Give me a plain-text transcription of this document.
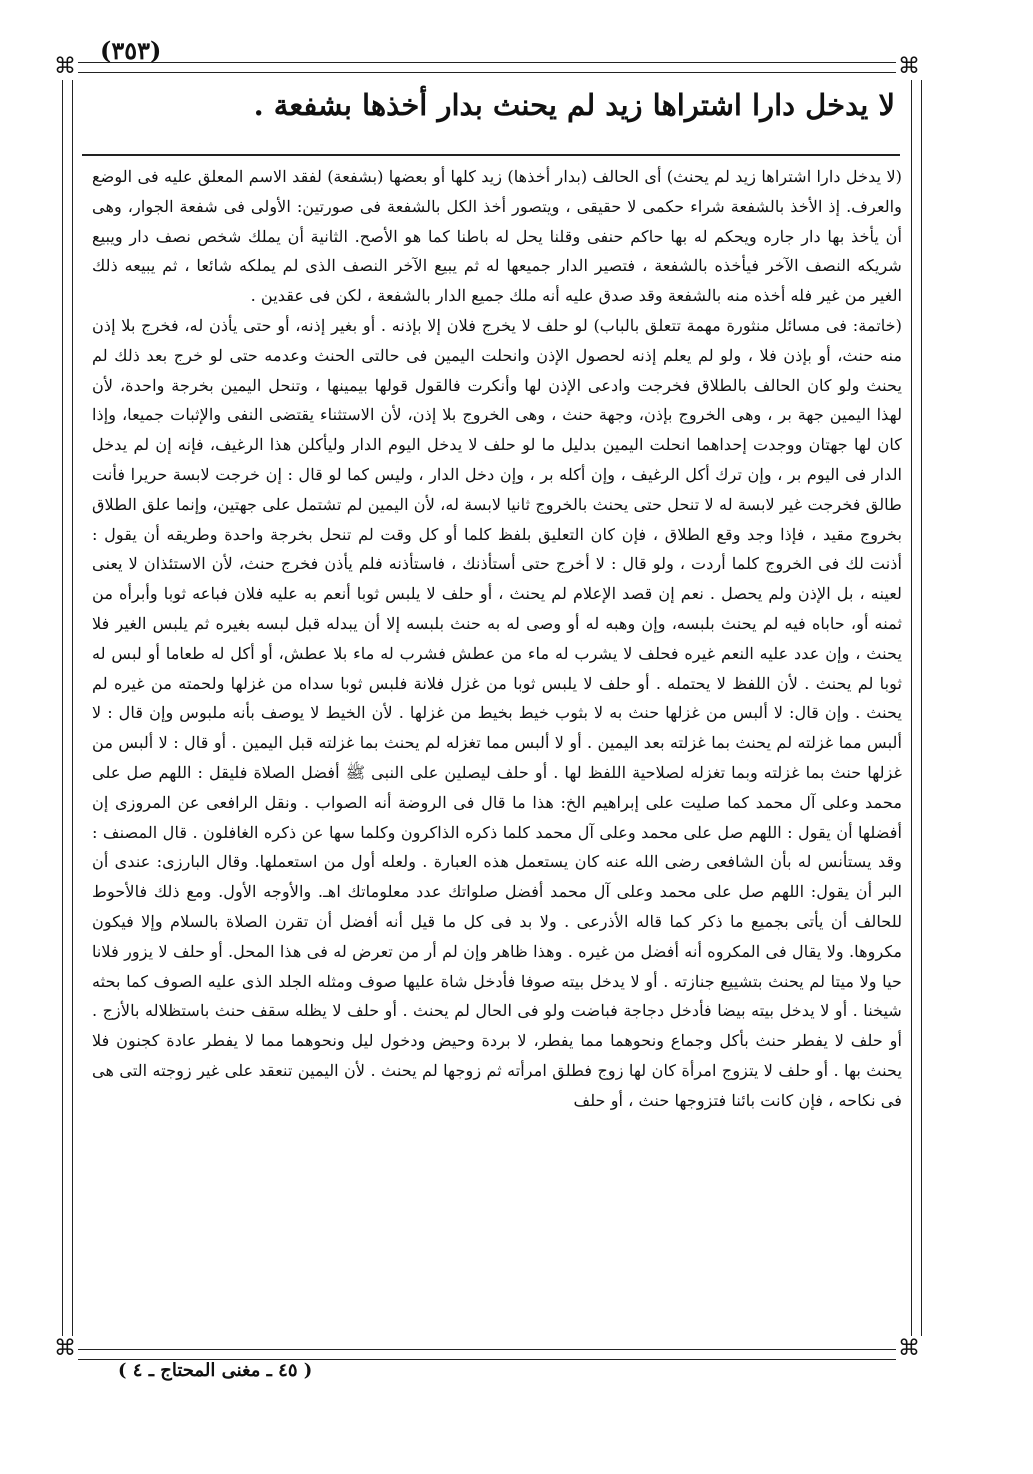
(٣٥٣)
⌘	⌘
⌘	⌘
لا يدخل دارا اشتراها زيد لم يحنث بدار أخذها بشفعة .

(لا يدخل دارا اشتراها زيد لم يحنث) أى الحالف (بدار أخذها) زيد كلها أو بعضها (بشفعة) لفقد الاسم المعلق عليه فى الوضع والعرف. إذ الأخذ بالشفعة شراء حكمى لا حقيقى ، ويتصور أخذ الكل بالشفعة فى صورتين: الأولى فى شفعة الجوار، وهى أن يأخذ بها دار جاره ويحكم له بها حاكم حنفى وقلنا يحل له باطنا كما هو الأصح. الثانية أن يملك شخص نصف دار ويبيع شريكه النصف الآخر فيأخذه بالشفعة ، فتصير الدار جميعها له ثم يبيع الآخر النصف الذى لم يملكه شائعا ، ثم يبيعه ذلك الغير من غير فله أخذه منه بالشفعة وقد صدق عليه أنه ملك جميع الدار بالشفعة ، لكن فى عقدين .

(خاتمة: فى مسائل منثورة مهمة تتعلق بالباب) لو حلف لا يخرج فلان إلا بإذنه . أو بغير إذنه، أو حتى يأذن له، فخرج بلا إذن منه حنث، أو بإذن فلا ، ولو لم يعلم إذنه لحصول الإذن وانحلت اليمين فى حالتى الحنث وعدمه حتى لو خرج بعد ذلك لم يحنث ولو كان الحالف بالطلاق فخرجت وادعى الإذن لها وأنكرت فالقول قولها بيمينها ، وتنحل اليمين بخرجة واحدة، لأن لهذا اليمين جهة بر ، وهى الخروج بإذن، وجهة حنث ، وهى الخروج بلا إذن، لأن الاستثناء يقتضى النفى والإثبات جميعا، وإذا كان لها جهتان ووجدت إحداهما انحلت اليمين بدليل ما لو حلف لا يدخل اليوم الدار وليأكلن هذا الرغيف، فإنه إن لم يدخل الدار فى اليوم بر ، وإن ترك أكل الرغيف ، وإن أكله بر ، وإن دخل الدار ، وليس كما لو قال : إن خرجت لابسة حريرا فأنت طالق فخرجت غير لابسة له لا تنحل حتى يحنث بالخروج ثانيا لابسة له، لأن اليمين لم تشتمل على جهتين، وإنما علق الطلاق بخروج مقيد ، فإذا وجد وقع الطلاق ، فإن كان التعليق بلفظ كلما أو كل وقت لم تنحل بخرجة واحدة وطريقه أن يقول : أذنت لك فى الخروج كلما أردت ، ولو قال : لا أخرج حتى أستأذنك ، فاستأذنه فلم يأذن فخرج حنث، لأن الاستئذان لا يعنى لعينه ، بل الإذن ولم يحصل . نعم إن قصد الإعلام لم يحنث ، أو حلف لا يلبس ثوبا أنعم به عليه فلان فباعه ثوبا وأبرأه من ثمنه أو، حاباه فيه لم يحنث بلبسه، وإن وهبه له أو وصى له به حنث بلبسه إلا أن يبدله قبل لبسه بغيره ثم يلبس الغير فلا يحنث ، وإن عدد عليه النعم غيره فحلف لا يشرب له ماء من عطش فشرب له ماء بلا عطش، أو أكل له طعاما أو لبس له ثوبا لم يحنث . لأن اللفظ لا يحتمله . أو حلف لا يلبس ثوبا من غزل فلانة فلبس ثوبا سداه من غزلها ولحمته من غيره لم يحنث . وإن قال: لا ألبس من غزلها حنث به لا بثوب خيط بخيط من غزلها . لأن الخيط لا يوصف بأنه ملبوس وإن قال : لا ألبس مما غزلته لم يحنث بما غزلته بعد اليمين . أو لا ألبس مما تغزله لم يحنث بما غزلته قبل اليمين . أو قال : لا ألبس من غزلها حنث بما غزلته وبما تغزله لصلاحية اللفظ لها . أو حلف ليصلين على النبى ﷺ أفضل الصلاة فليقل : اللهم صل على محمد وعلى آل محمد كما صليت على إبراهيم الخ: هذا ما قال فى الروضة أنه الصواب . ونقل الرافعى عن المروزى إن أفضلها أن يقول : اللهم صل على محمد وعلى آل محمد كلما ذكره الذاكرون وكلما سها عن ذكره الغافلون . قال المصنف : وقد يستأنس له بأن الشافعى رضى الله عنه كان يستعمل هذه العبارة . ولعله أول من استعملها. وقال البارزى: عندى أن البر أن يقول: اللهم صل على محمد وعلى آل محمد أفضل صلواتك عدد معلوماتك اهـ. والأوجه الأول. ومع ذلك فالأحوط للحالف أن يأتى بجميع ما ذكر كما قاله الأذرعى . ولا بد فى كل ما قيل أنه أفضل أن تقرن الصلاة بالسلام وإلا فيكون مكروها. ولا يقال فى المكروه أنه أفضل من غيره . وهذا ظاهر وإن لم أر من تعرض له فى هذا المحل. أو حلف لا يزور فلانا حيا ولا ميتا لم يحنث بتشييع جنازته . أو لا يدخل بيته صوفا فأدخل شاة عليها صوف ومثله الجلد الذى عليه الصوف كما بحثه شيخنا . أو لا يدخل بيته بيضا فأدخل دجاجة فباضت ولو فى الحال لم يحنث . أو حلف لا يظله سقف حنث باستظلاله بالأزج . أو حلف لا يفطر حنث بأكل وجماع ونحوهما مما يفطر، لا بردة وحيض ودخول ليل ونحوهما مما لا يفطر عادة كجنون فلا يحنث بها . أو حلف لا يتزوج امرأة كان لها زوج فطلق امرأته ثم زوجها لم يحنث . لأن اليمين تنعقد على غير زوجته التى هى فى نكاحه ، فإن كانت بائنا فتزوجها حنث ، أو حلف

( ٤٥ ـ مغنى المحتاج ـ ٤ )
